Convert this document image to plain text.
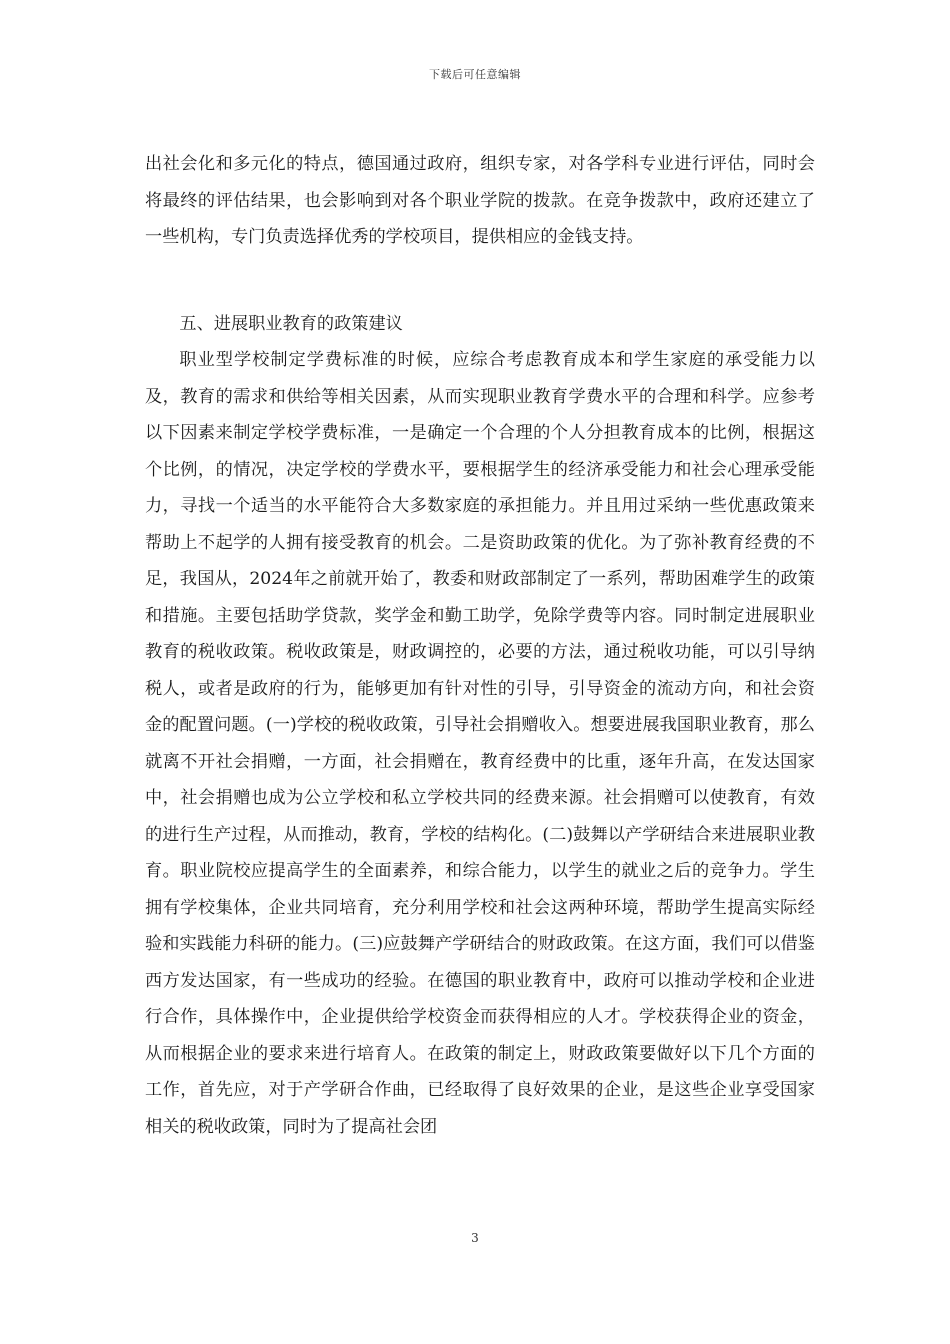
下载后可任意编辑

出社会化和多元化的特点，德国通过政府，组织专家，对各学科专业进行评估，同时会将最终的评估结果，也会影响到对各个职业学院的拨款。在竞争拨款中，政府还建立了一些机构，专门负责选择优秀的学校项目，提供相应的金钱支持。

五、进展职业教育的政策建议

职业型学校制定学费标准的时候，应综合考虑教育成本和学生家庭的承受能力以及，教育的需求和供给等相关因素，从而实现职业教育学费水平的合理和科学。应参考以下因素来制定学校学费标准，一是确定一个合理的个人分担教育成本的比例，根据这个比例，的情况，决定学校的学费水平，要根据学生的经济承受能力和社会心理承受能力，寻找一个适当的水平能符合大多数家庭的承担能力。并且用过采纳一些优惠政策来帮助上不起学的人拥有接受教育的机会。二是资助政策的优化。为了弥补教育经费的不足，我国从，2024年之前就开始了，教委和财政部制定了一系列，帮助困难学生的政策和措施。主要包括助学贷款，奖学金和勤工助学，免除学费等内容。同时制定进展职业教育的税收政策。税收政策是，财政调控的，必要的方法，通过税收功能，可以引导纳税人，或者是政府的行为，能够更加有针对性的引导，引导资金的流动方向，和社会资金的配置问题。(一)学校的税收政策，引导社会捐赠收入。想要进展我国职业教育，那么就离不开社会捐赠，一方面，社会捐赠在，教育经费中的比重，逐年升高，在发达国家中，社会捐赠也成为公立学校和私立学校共同的经费来源。社会捐赠可以使教育，有效的进行生产过程，从而推动，教育，学校的结构化。(二)鼓舞以产学研结合来进展职业教育。职业院校应提高学生的全面素养，和综合能力，以学生的就业之后的竞争力。学生拥有学校集体，企业共同培育，充分利用学校和社会这两种环境，帮助学生提高实际经验和实践能力科研的能力。(三)应鼓舞产学研结合的财政政策。在这方面，我们可以借鉴西方发达国家，有一些成功的经验。在德国的职业教育中，政府可以推动学校和企业进行合作，具体操作中，企业提供给学校资金而获得相应的人才。学校获得企业的资金，从而根据企业的要求来进行培育人。在政策的制定上，财政政策要做好以下几个方面的工作，首先应，对于产学研合作曲，已经取得了良好效果的企业，是这些企业享受国家相关的税收政策，同时为了提高社会团

3
